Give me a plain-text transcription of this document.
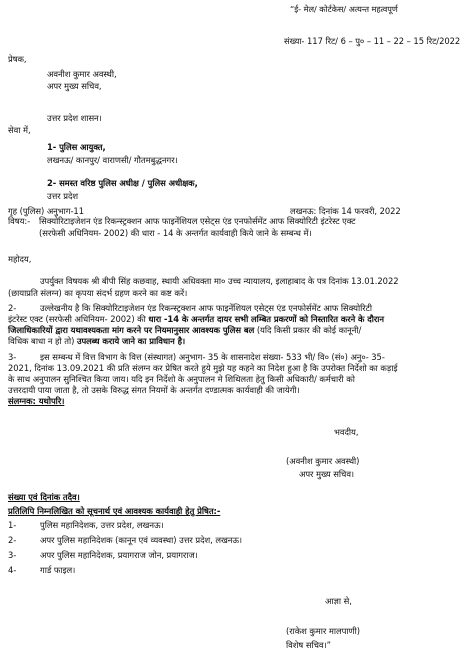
“ई- मेल/ कोर्टकेस/ अत्यन्त महत्वपूर्ण
संख्या- 117 रिट/ 6 – पु० – 11 – 22 – 15 रिट/2022
प्रेषक,
अवनीश कुमार अवस्थी,
अपर मुख्य सचिव,
उत्तर प्रदेश शासन।
सेवा में,
1- पुलिस आयुक्त,
लखनऊ/ कानपुर/ वाराणसी/ गौतमबुद्धनगर।
2- समस्त वरिष्ठ पुलिस अधीक्ष / पुलिस अधीक्षक,
उत्तर प्रदेश
गृह (पुलिस) अनुभाग-11	लखनऊ: दिनांक 14 फरवरी, 2022
विषय:- सिक्योरिटाइजेशन एंड रिकन्स्ट्रक्शन आफ फाइनेंशियल एसेट्स एंड एनफोर्समेंट आफ सिक्योरिटी इंटरेस्ट एक्ट
(सरफेसी अधिनियम- 2002) की धारा - 14 के अन्तर्गत कार्यवाही किये जाने के सम्बन्ध में।
महोदय,
उपर्युक्त विषयक श्री बीपी सिंह कछवाह, स्थायी अधिवक्ता मा० उच्च न्यायालय, इलाहाबाद के पत्र दिनांक 13.01.2022
(छायाप्रति संलग्न) का कृपया संदर्भ ग्रहण करने का कष्ट करें।
2-	उल्लेखनीय है कि सिक्योरिटाइजेशन एंड रिकन्स्ट्रक्शन आफ फाइनेंशियल एसेट्स एंड एनफोर्समेंट आफ सिक्योरिटी
इंटरेस्ट एक्ट (सरफेसी अधिनियम- 2002) की धारा -14 के अन्तर्गत दायर सभी लम्बित प्रकरणों को निस्तारित करने के दौरान
जिलाधिकारियों द्वारा यथावश्यकता मांग करने पर नियमानुसार आवश्यक पुलिस बल (यदि किसी प्रकार की कोई कानूनी/
विधिक बाधा न हो तो) उपलब्ध कराये जाने का प्राविधान है।
3-	इस सम्बन्ध में वित्त विभाग के वित्त (संस्थागत) अनुभाग- 35 के शासनादेश संख्या- 533 भी/ वि० (सं०) अनु०- 35-
2021, दिनांक 13.09.2021 की प्रति संलग्न कर प्रेषित करते हुये मुझे यह कहने का निदेश हुआ है कि उपरोक्त निर्देशो का कड़ाई
के साथ अनुपालन सुनिश्चित किया जाय। यदि इन निर्देशो के अनुपालन मे शिथिलता हेतु किसी अधिकारी/ कर्मचारी को
उत्तरदायी पाया जाता है, तो उसके विरुद्ध संगत नियमों के अन्तर्गत दण्डात्मक कार्यवाही की जायेगी।
संलग्नक: यथोपरि।
भवदीय,
(अवनीश कुमार अवस्थी)
अपर मुख्य सचिव।
संख्या एवं दिनांक तदैव।
प्रतिलिपि निम्नलिखित को सूचनार्थ एवं आवश्यक कार्यवाही हेतु प्रेषित:-
1-	पुलिस महानिदेशक, उत्तर प्रदेश, लखनऊ।
2-	अपर पुलिस महानिदेशक (कानून एवं व्यवस्था) उत्तर प्रदेश, लखनऊ।
3-	अपर पुलिस महानिदेशक, प्रयागराज जोन, प्रयागराज।
4-	गार्ड फाइल।
आज्ञा से,
(राकेश कुमार मालपाणी)
विशेष सचिव।”
